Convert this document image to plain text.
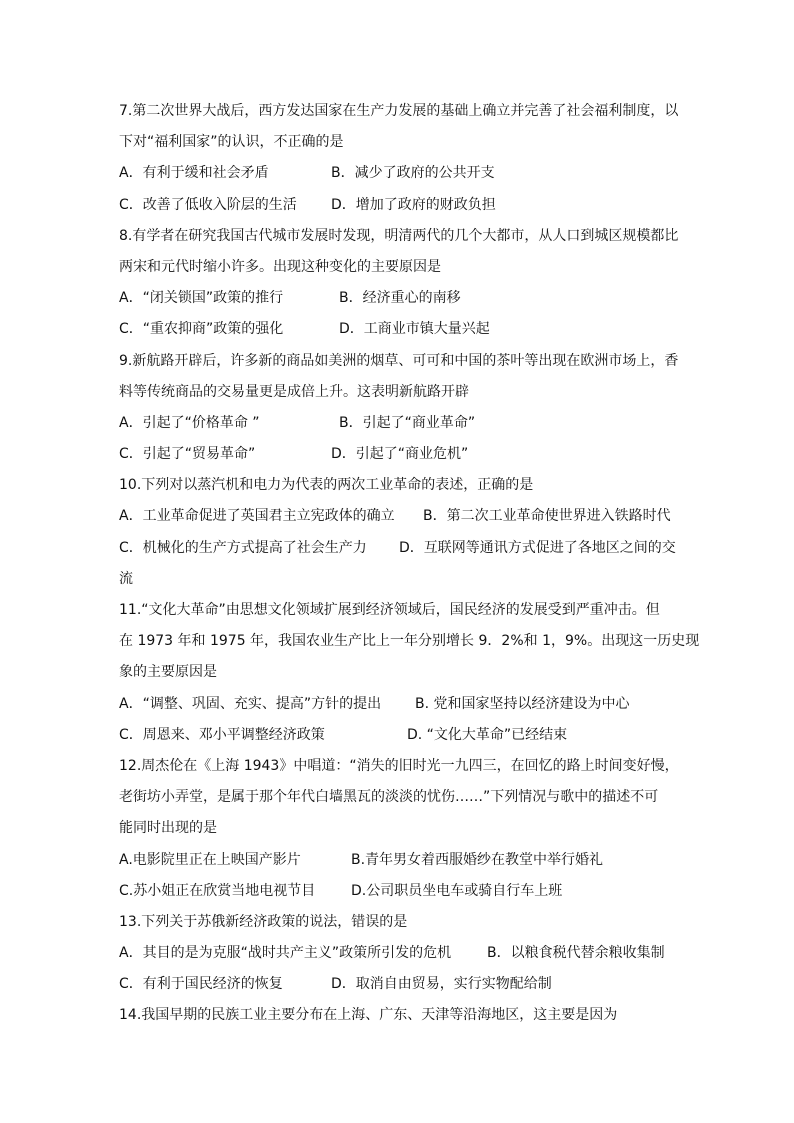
7.第二次世界大战后，西方发达国家在生产力发展的基础上确立并完善了社会福利制度，以
下对“福利国家”的认识，不正确的是
A．有利于缓和社会矛盾	B．减少了政府的公共开支
C．改善了低收入阶层的生活	D．增加了政府的财政负担
8.有学者在研究我国古代城市发展时发现，明清两代的几个大都市，从人口到城区规模都比
两宋和元代时缩小许多。出现这种变化的主要原因是
A．“闭关锁国”政策的推行	B．经济重心的南移
C．“重农抑商”政策的强化	D．工商业市镇大量兴起
9.新航路开辟后，许多新的商品如美洲的烟草、可可和中国的茶叶等出现在欧洲市场上，香
料等传统商品的交易量更是成倍上升。这表明新航路开辟
A．引起了“价格革命 ”	B．引起了“商业革命”
C．引起了“贸易革命”	D．引起了“商业危机”
10.下列对以蒸汽机和电力为代表的两次工业革命的表述，正确的是
A．工业革命促进了英国君主立宪政体的确立	B．第二次工业革命使世界进入铁路时代
C．机械化的生产方式提高了社会生产力	D．互联网等通讯方式促进了各地区之间的交
流
11.“文化大革命”由思想文化领域扩展到经济领域后，国民经济的发展受到严重冲击。但
在 1973 年和 1975 年，我国农业生产比上一年分别增长 9．2%和 1，9%。出现这一历史现
象的主要原因是
A．“调整、巩固、充实、提高”方针的提出	B. 党和国家坚持以经济建设为中心
C．周恩来、邓小平调整经济政策	D. “文化大革命”已经结束
12.周杰伦在《上海 1943》中唱道：“消失的旧时光一九四三，在回忆的路上时间变好慢，
老街坊小弄堂，是属于那个年代白墙黑瓦的淡淡的忧伤……”下列情况与歌中的描述不可
能同时出现的是
A.电影院里正在上映国产影片	B.青年男女着西服婚纱在教堂中举行婚礼
C.苏小姐正在欣赏当地电视节目	D.公司职员坐电车或骑自行车上班
13.下列关于苏俄新经济政策的说法，错误的是
A．其目的是为克服“战时共产主义”政策所引发的危机	B．以粮食税代替余粮收集制
C．有利于国民经济的恢复	D．取消自由贸易，实行实物配给制
14.我国早期的民族工业主要分布在上海、广东、天津等沿海地区，这主要是因为
